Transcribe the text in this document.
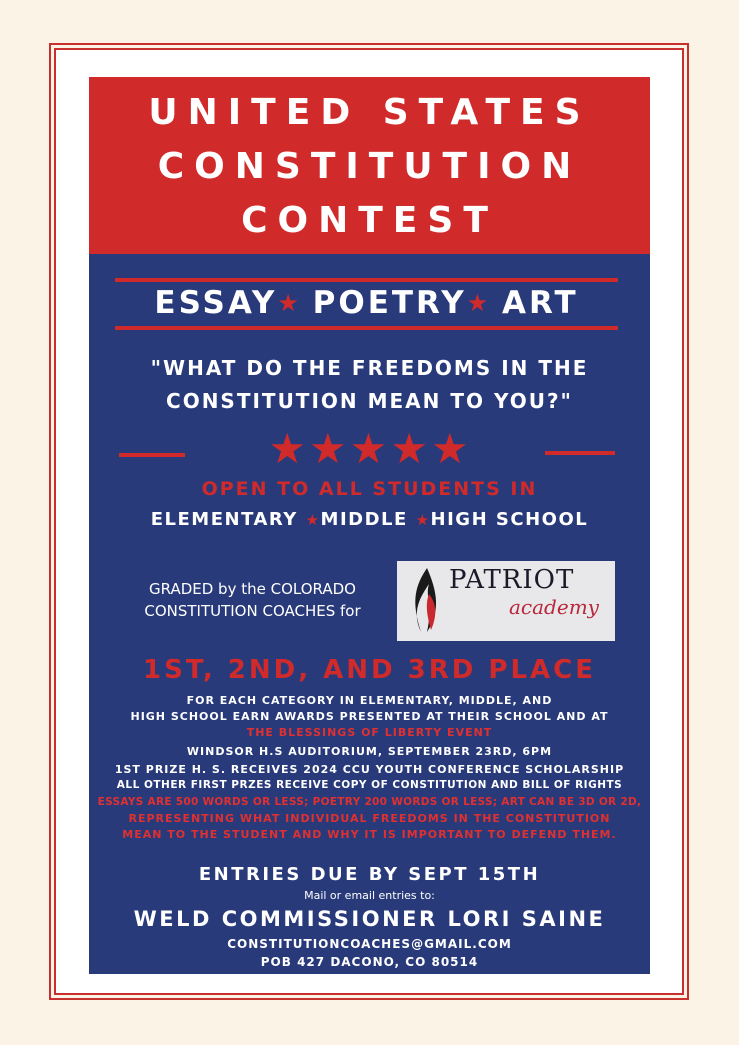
UNITED STATES
CONSTITUTION
CONTEST
ESSAY★ POETRY★ ART
"WHAT DO THE FREEDOMS IN THE
CONSTITUTION MEAN TO YOU?"
★★★★★
OPEN TO ALL STUDENTS IN
ELEMENTARY ★MIDDLE ★HIGH SCHOOL
GRADED by the COLORADO
CONSTITUTION COACHES for
PATRIOT
academy
1ST, 2ND, AND 3RD PLACE
FOR EACH CATEGORY IN ELEMENTARY, MIDDLE, AND
HIGH SCHOOL EARN AWARDS PRESENTED AT THEIR SCHOOL AND AT
THE BLESSINGS OF LIBERTY EVENT
WINDSOR H.S AUDITORIUM, SEPTEMBER 23RD, 6PM
1ST PRIZE H. S. RECEIVES 2024 CCU YOUTH CONFERENCE SCHOLARSHIP
ALL OTHER FIRST PRZES RECEIVE COPY OF CONSTITUTION AND BILL OF RIGHTS
ESSAYS ARE 500 WORDS OR LESS; POETRY 200 WORDS OR LESS; ART CAN BE 3D OR 2D,
REPRESENTING WHAT INDIVIDUAL FREEDOMS IN THE CONSTITUTION
MEAN TO THE STUDENT AND WHY IT IS IMPORTANT TO DEFEND THEM.
ENTRIES DUE BY SEPT 15TH
Mail or email entries to:
WELD COMMISSIONER LORI SAINE
CONSTITUTIONCOACHES@GMAIL.COM
POB 427 DACONO, CO 80514
